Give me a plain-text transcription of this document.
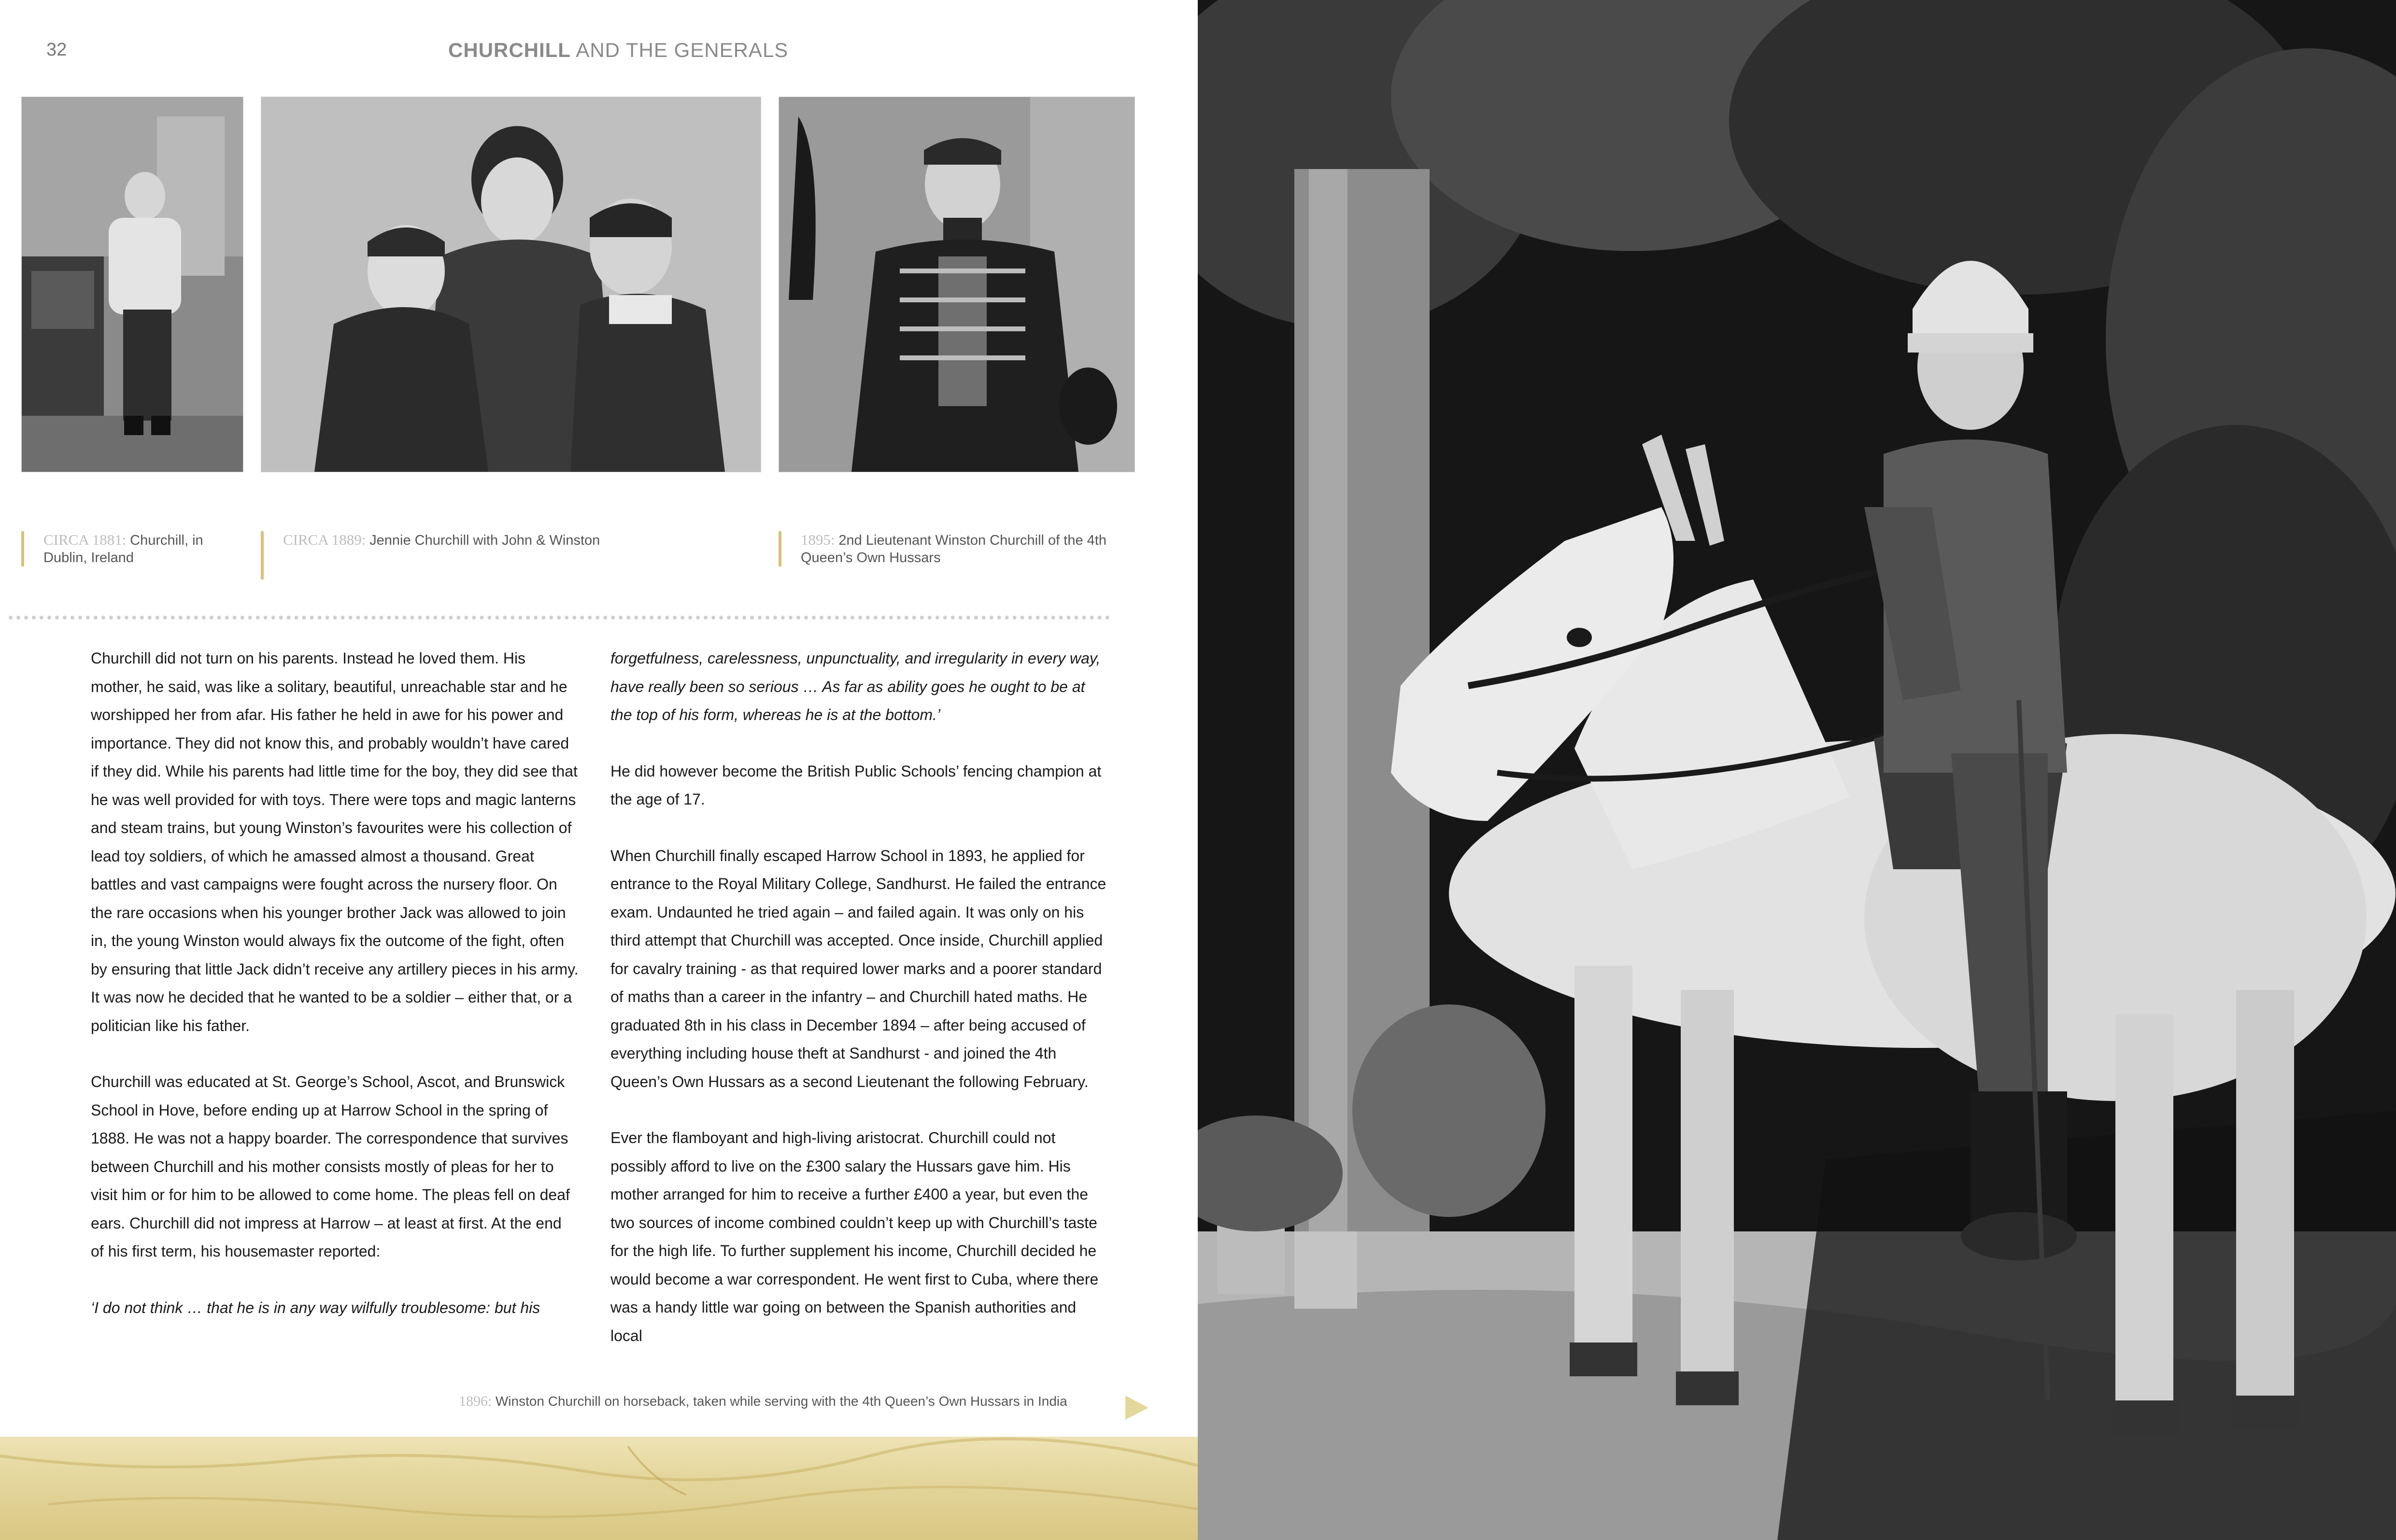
32	CHURCHILL AND THE GENERALS
CIRCA 1881 : Churchill, in Dublin, Ireland
CIRCA 1889 : Jennie Churchill with John & Winston	1895 : 2nd Lieutenant Winston Churchill of the 4th Queen’s Own Hussars

Churchill did not turn on his parents. Instead he loved them. His mother, he said, was like a solitary, beautiful, unreachable star and he worshipped her from afar. His father he held in awe for his power and importance. They did not know this, and probably wouldn’t have cared if they did. While his parents had little time for the boy, they did see that he was well provided for with toys. There were tops and magic lanterns and steam trains, but young Winston’s favourites were his collection of lead toy soldiers, of which he amassed almost a thousand. Great battles and vast campaigns were fought across the nursery floor. On the rare occasions when his younger brother Jack was allowed to join in, the young Winston would always fix the outcome of the fight, often by ensuring that little Jack didn’t receive any artillery pieces in his army. It was now he decided that he wanted to be a soldier – either that, or a politician like his father.

Churchill was educated at St. George’s School, Ascot, and Brunswick School in Hove, before ending up at Harrow School in the spring of 1888. He was not a happy boarder. The correspondence that survives between Churchill and his mother consists mostly of pleas for her to visit him or for him to be allowed to come home. The pleas fell on deaf ears. Churchill did not impress at Harrow – at least at first. At the end of his first term, his housemaster reported:

‘I do not think … that he is in any way wilfully troublesome: but his

forgetfulness, carelessness, unpunctuality, and irregularity in every way, have really been so serious … As far as ability goes he ought to be at the top of his form, whereas he is at the bottom.’

He did however become the British Public Schools’ fencing champion at the age of 17.

When Churchill finally escaped Harrow School in 1893, he applied for entrance to the Royal Military College, Sandhurst. He failed the entrance exam. Undaunted he tried again – and failed again. It was only on his third attempt that Churchill was accepted. Once inside, Churchill applied for cavalry training - as that required lower marks and a poorer standard of maths than a career in the infantry – and Churchill hated maths. He graduated 8th in his class in December 1894 – after being accused of everything including house theft at Sandhurst - and joined the 4th Queen’s Own Hussars as a second Lieutenant the following February.

Ever the flamboyant and high-living aristocrat. Churchill could not possibly afford to live on the £300 salary the Hussars gave him. His mother arranged for him to receive a further £400 a year, but even the two sources of income combined couldn’t keep up with Churchill’s taste for the high life. To further supplement his income, Churchill decided he would become a war correspondent. He went first to Cuba, where there was a handy little war going on between the Spanish authorities and local

1896 : Winston Churchill on horseback, taken while serving with the 4th Queen’s Own Hussars in India
